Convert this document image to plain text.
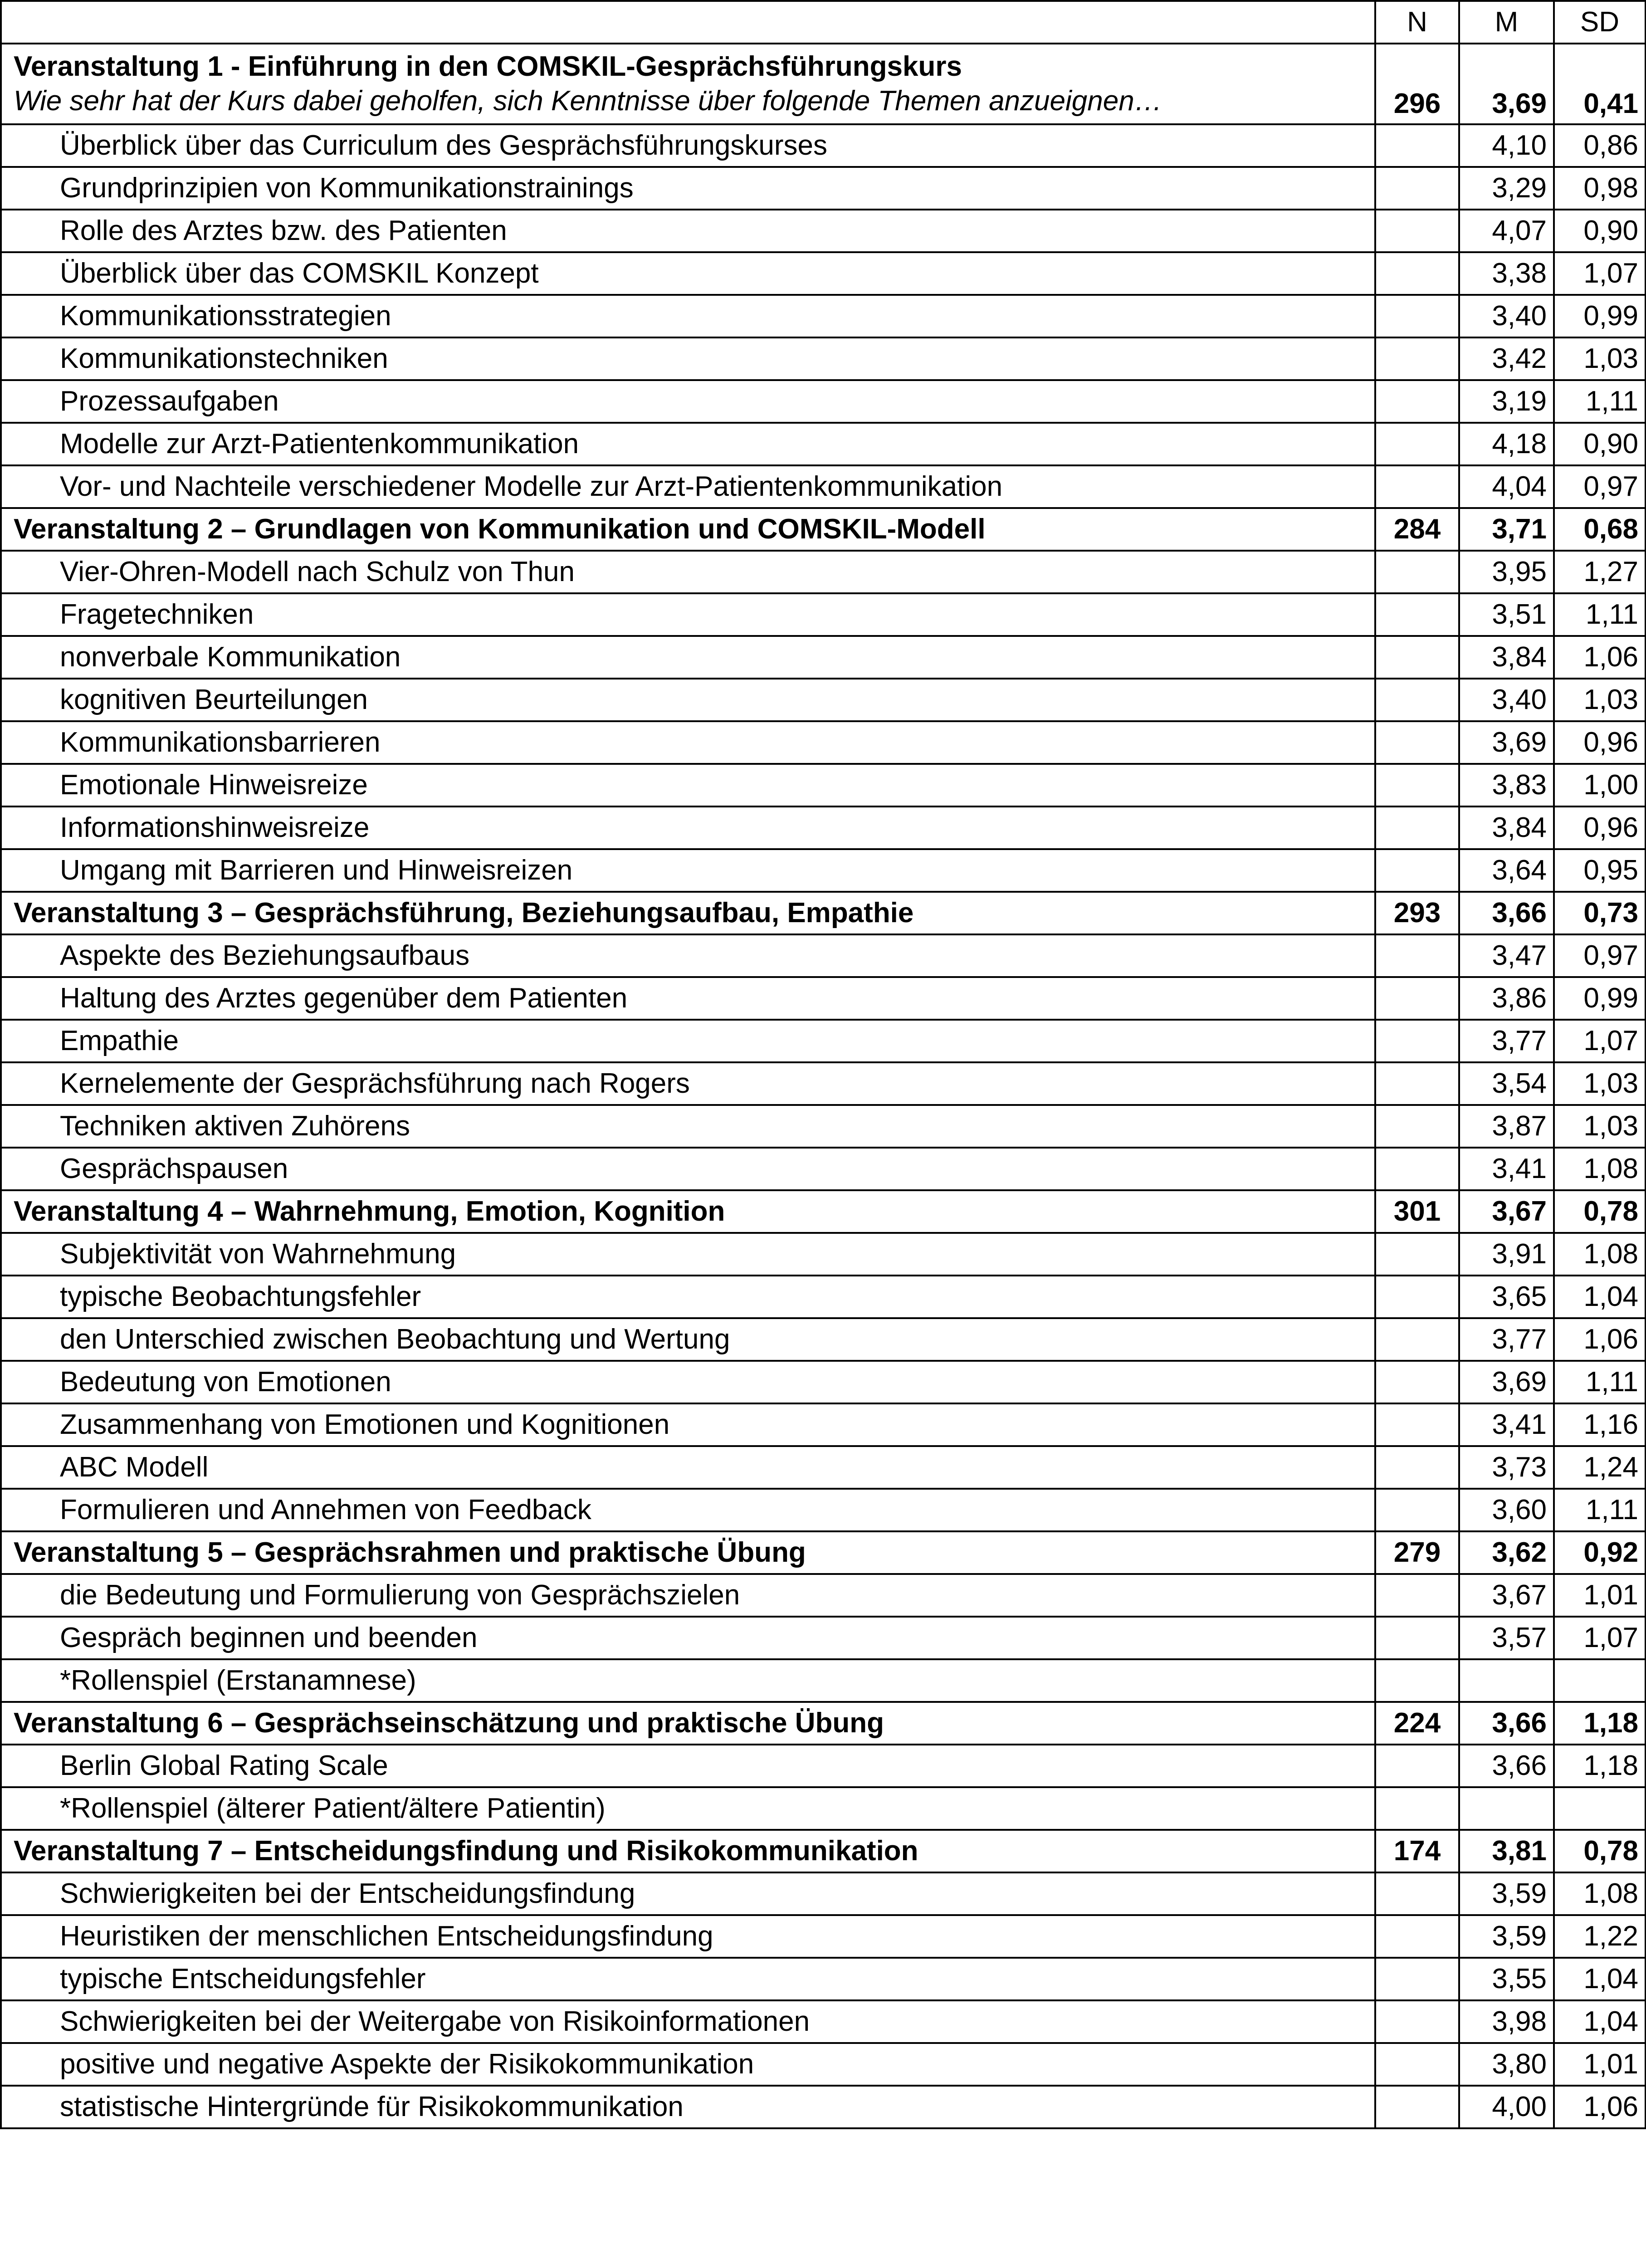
	N	M	SD

Veranstaltung 1 - Einführung in den COMSKIL-Gesprächsführungskurs
Wie sehr hat der Kurs dabei geholfen, sich Kenntnisse über folgende Themen anzueignen…	296	3,69	0,41
Überblick über das Curriculum des Gesprächsführungskurses		4,10	0,86
Grundprinzipien von Kommunikationstrainings		3,29	0,98
Rolle des Arztes bzw. des Patienten		4,07	0,90
Überblick über das COMSKIL Konzept		3,38	1,07
Kommunikationsstrategien		3,40	0,99
Kommunikationstechniken		3,42	1,03
Prozessaufgaben		3,19	1,11
Modelle zur Arzt-Patientenkommunikation		4,18	0,90
Vor- und Nachteile verschiedener Modelle zur Arzt-Patientenkommunikation		4,04	0,97

Veranstaltung 2 – Grundlagen von Kommunikation und COMSKIL-Modell	284	3,71	0,68
Vier-Ohren-Modell nach Schulz von Thun		3,95	1,27
Fragetechniken		3,51	1,11
nonverbale Kommunikation		3,84	1,06
kognitiven Beurteilungen		3,40	1,03
Kommunikationsbarrieren		3,69	0,96
Emotionale Hinweisreize		3,83	1,00
Informationshinweisreize		3,84	0,96
Umgang mit Barrieren und Hinweisreizen		3,64	0,95

Veranstaltung 3 – Gesprächsführung, Beziehungsaufbau, Empathie	293	3,66	0,73
Aspekte des Beziehungsaufbaus		3,47	0,97
Haltung des Arztes gegenüber dem Patienten		3,86	0,99
Empathie		3,77	1,07
Kernelemente der Gesprächsführung nach Rogers		3,54	1,03
Techniken aktiven Zuhörens		3,87	1,03
Gesprächspausen		3,41	1,08

Veranstaltung 4 – Wahrnehmung, Emotion, Kognition	301	3,67	0,78
Subjektivität von Wahrnehmung		3,91	1,08
typische Beobachtungsfehler		3,65	1,04
den Unterschied zwischen Beobachtung und Wertung		3,77	1,06
Bedeutung von Emotionen		3,69	1,11
Zusammenhang von Emotionen und Kognitionen		3,41	1,16
ABC Modell		3,73	1,24
Formulieren und Annehmen von Feedback		3,60	1,11

Veranstaltung 5 – Gesprächsrahmen und praktische Übung	279	3,62	0,92
die Bedeutung und Formulierung von Gesprächszielen		3,67	1,01
Gespräch beginnen und beenden		3,57	1,07
*Rollenspiel (Erstanamnese)			

Veranstaltung 6 – Gesprächseinschätzung und praktische Übung	224	3,66	1,18
Berlin Global Rating Scale		3,66	1,18
*Rollenspiel (älterer Patient/ältere Patientin)			

Veranstaltung 7 – Entscheidungsfindung und Risikokommunikation	174	3,81	0,78
Schwierigkeiten bei der Entscheidungsfindung		3,59	1,08
Heuristiken der menschlichen Entscheidungsfindung		3,59	1,22
typische Entscheidungsfehler		3,55	1,04
Schwierigkeiten bei der Weitergabe von Risikoinformationen		3,98	1,04
positive und negative Aspekte der Risikokommunikation		3,80	1,01
statistische Hintergründe für Risikokommunikation		4,00	1,06
